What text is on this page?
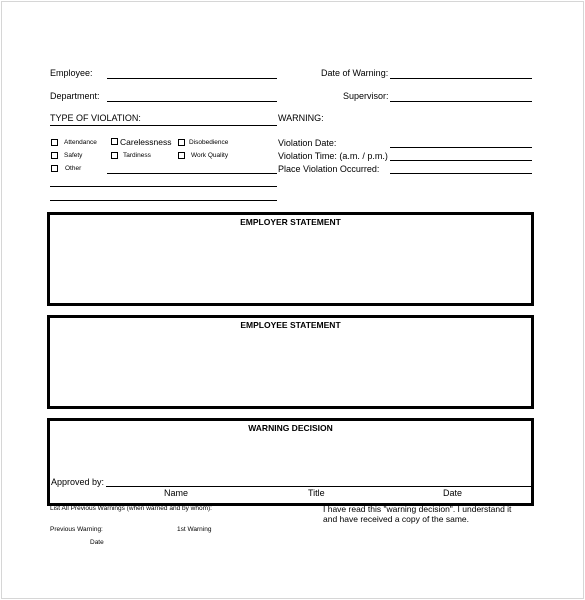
Employee:	Date of Warning:
Department:	Supervisor:
TYPE OF VIOLATION:
Attendance	Carelessness	Disobedience
Safety	Tardiness	Work Quality
Other
WARNING:
Violation Date:
Violation Time: (a.m. / p.m.)
Place Violation Occurred:
EMPLOYER STATEMENT
EMPLOYEE STATEMENT
WARNING DECISION
Approved by:
Name	Title	Date
List All Previous Warnings (when warned and by whom):	I have read this "warning decision". I understand it
and have received a copy of the same.
Previous Warning:	1st Warning
Date
